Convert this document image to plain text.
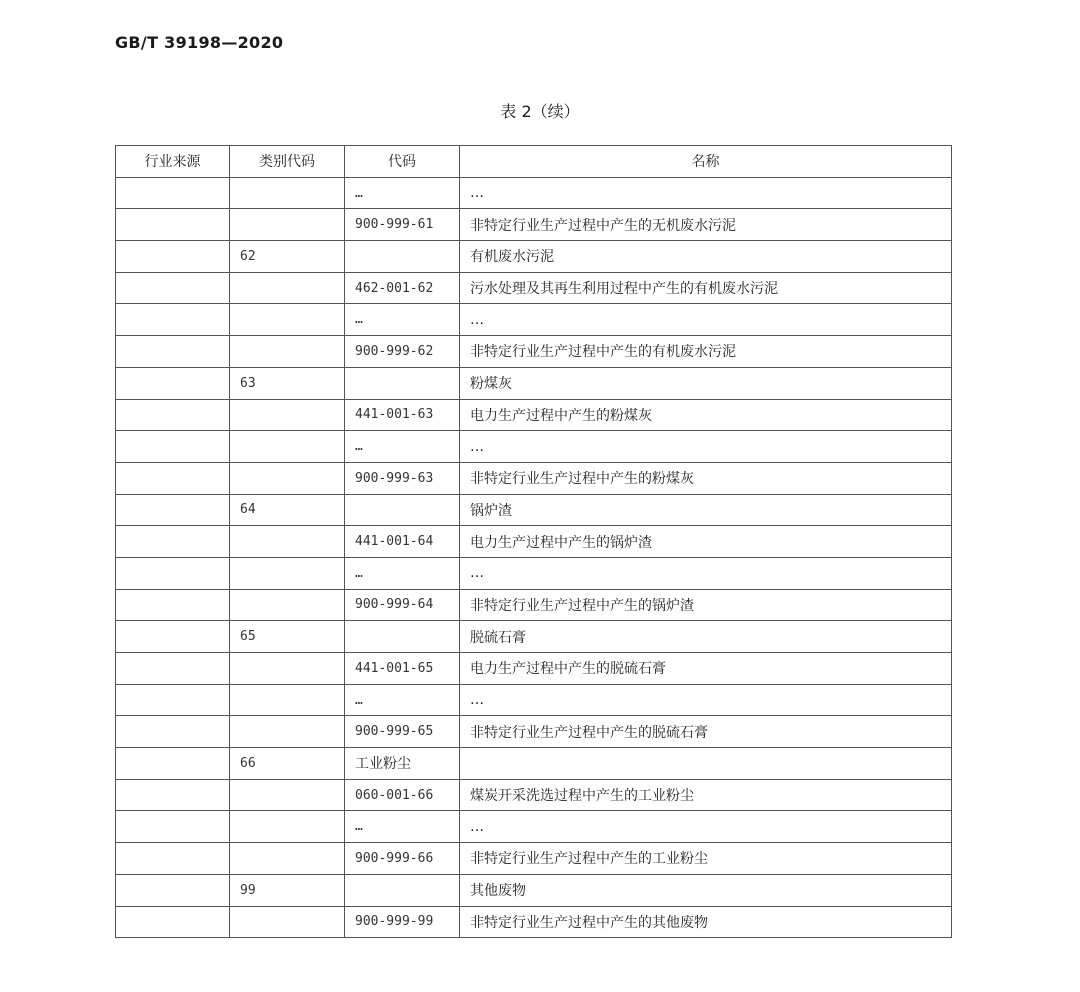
GB/T 39198—2020
表 2（续）
行业来源	类别代码	代码	名称
		…	…
		900-999-61	非特定行业生产过程中产生的无机废水污泥
	62		有机废水污泥
		462-001-62	污水处理及其再生利用过程中产生的有机废水污泥
		…	…
		900-999-62	非特定行业生产过程中产生的有机废水污泥
	63		粉煤灰
		441-001-63	电力生产过程中产生的粉煤灰
		…	…
		900-999-63	非特定行业生产过程中产生的粉煤灰
	64		锅炉渣
		441-001-64	电力生产过程中产生的锅炉渣
		…	…
		900-999-64	非特定行业生产过程中产生的锅炉渣
	65		脱硫石膏
		441-001-65	电力生产过程中产生的脱硫石膏
		…	…
		900-999-65	非特定行业生产过程中产生的脱硫石膏
	66	工业粉尘	
		060-001-66	煤炭开采洗选过程中产生的工业粉尘
		…	…
		900-999-66	非特定行业生产过程中产生的工业粉尘
	99		其他废物
		900-999-99	非特定行业生产过程中产生的其他废物
